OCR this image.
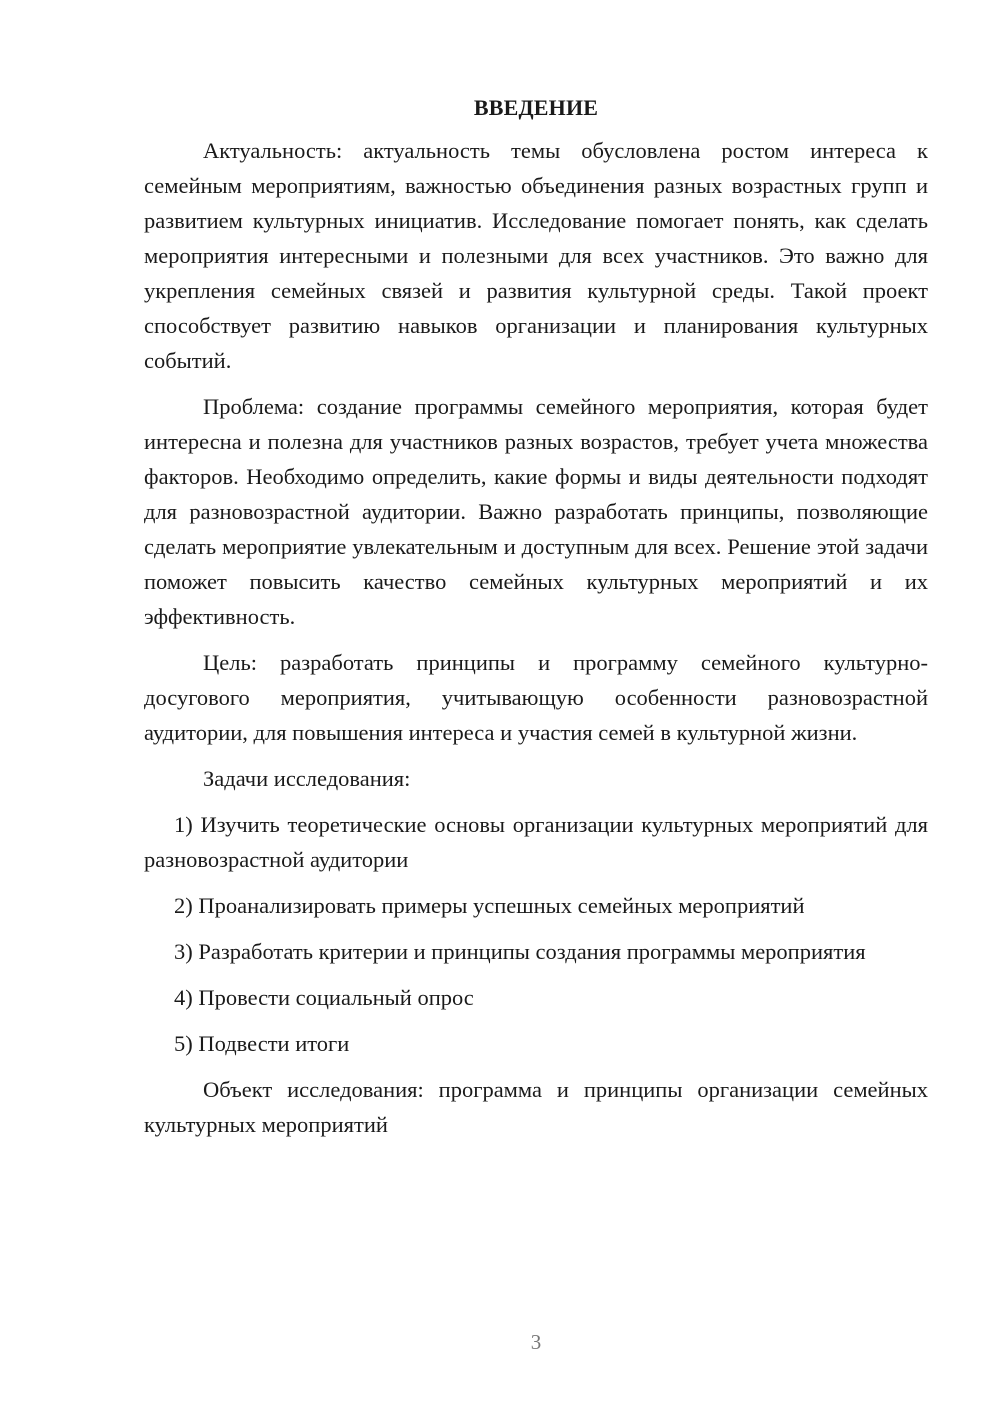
ВВЕДЕНИЕ

Актуальность: актуальность темы обусловлена ростом интереса к семейным мероприятиям, важностью объединения разных возрастных групп и развитием культурных инициатив. Исследование помогает понять, как сделать мероприятия интересными и полезными для всех участников. Это важно для укрепления семейных связей и развития культурной среды. Такой проект способствует развитию навыков организации и планирования культурных событий.

Проблема: создание программы семейного мероприятия, которая будет интересна и полезна для участников разных возрастов, требует учета множества факторов. Необходимо определить, какие формы и виды деятельности подходят для разновозрастной аудитории. Важно разработать принципы, позволяющие сделать мероприятие увлекательным и доступным для всех. Решение этой задачи поможет повысить качество семейных культурных мероприятий и их эффективность.

Цель: разработать принципы и программу семейного культурно-досугового мероприятия, учитывающую особенности разновозрастной аудитории, для повышения интереса и участия семей в культурной жизни.

Задачи исследования:

1) Изучить теоретические основы организации культурных мероприятий для разновозрастной аудитории

2) Проанализировать примеры успешных семейных мероприятий

3) Разработать критерии и принципы создания программы мероприятия

4) Провести социальный опрос

5) Подвести итоги

Объект исследования: программа и принципы организации семейных культурных мероприятий

3
